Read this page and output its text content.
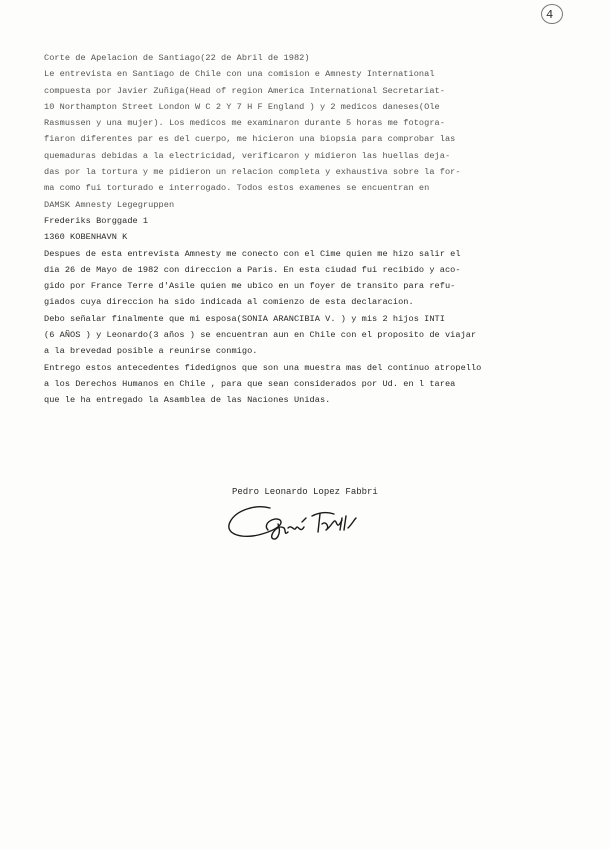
4
Corte de Apelacion de Santiago(22 de Abril de 1982)
Le entrevista en Santiago de Chile con una comision e Amnesty International
compuesta por Javier Zuñiga(Head of region America International Secretariat-
10 Northampton Street London W C 2 Y 7 H F England ) y 2 medicos daneses(Ole
Rasmussen y una mujer). Los medicos me examinaron durante 5 horas me fotogra-
fiaron diferentes par es del cuerpo, me hicieron una biopsia para comprobar las
quemaduras debidas a la electricidad, verificaron y midieron las huellas deja-
das por la tortura y me pidieron un relacion completa y exhaustiva sobre la for-
ma como fui torturado e interrogado. Todos estos examenes se encuentran en
DAMSK Amnesty Legegruppen
Frederiks Borggade 1
1360 KOBENHAVN K
Despues de esta entrevista Amnesty me conecto con el Cime quien me hizo salir el
dia 26 de Mayo de 1982 con direccion a Paris. En esta ciudad fui recibido y aco-
gido por France Terre d'Asile quien me ubico en un foyer de transito para refu-
giados cuya direccion ha sido indicada al comienzo de esta declaracion.
Debo señalar finalmente que mi esposa(SONIA ARANCIBIA V. ) y mis 2 hijos INTI
(6 AÑOS ) y Leonardo(3 años ) se encuentran aun en Chile con el proposito de viajar
a la brevedad posible a reunirse conmigo.
Entrego estos antecedentes fidedignos que son una muestra mas del continuo atropello
a los Derechos Humanos en Chile , para que sean considerados por Ud. en l tarea
que le ha entregado la Asamblea de las Naciones Unidas.
Pedro Leonardo Lopez Fabbri
